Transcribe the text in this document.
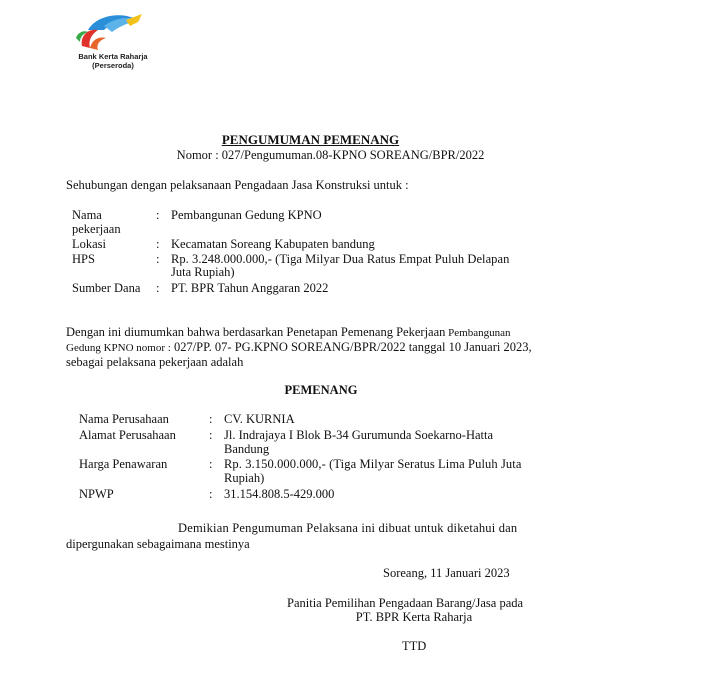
Bank Kerta Raharja
(Perseroda)
PENGUMUMAN PEMENANG
Nomor : 027/Pengumuman.08-KPNO SOREANG/BPR/2022
Sehubungan dengan pelaksanaan Pengadaan Jasa Konstruksi untuk :
Nama
pekerjaan
: Pembangunan Gedung KPNO
Lokasi	: Kecamatan Soreang Kabupaten bandung
HPS	: Rp. 3.248.000.000,- (Tiga Milyar Dua Ratus Empat Puluh Delapan
Juta Rupiah)
Sumber Dana : PT. BPR Tahun Anggaran 2022
Dengan ini diumumkan bahwa berdasarkan Penetapan Pemenang Pekerjaan Pembangunan
Gedung KPNO nomor : 027/PP. 07- PG.KPNO SOREANG/BPR/2022 tanggal 10 Januari 2023,
sebagai pelaksana pekerjaan adalah
PEMENANG
Nama Perusahaan	: CV. KURNIA
Alamat Perusahaan	: Jl. Indrajaya I Blok B-34 Gurumunda Soekarno-Hatta
Bandung
Harga Penawaran	: Rp. 3.150.000.000,- (Tiga Milyar Seratus Lima Puluh Juta
Rupiah)
NPWP	: 31.154.808.5-429.000
Demikian Pengumuman Pelaksana ini dibuat untuk diketahui dan
dipergunakan sebagaimana mestinya
Soreang, 11 Januari 2023
Panitia Pemilihan Pengadaan Barang/Jasa pada
PT. BPR Kerta Raharja
TTD
